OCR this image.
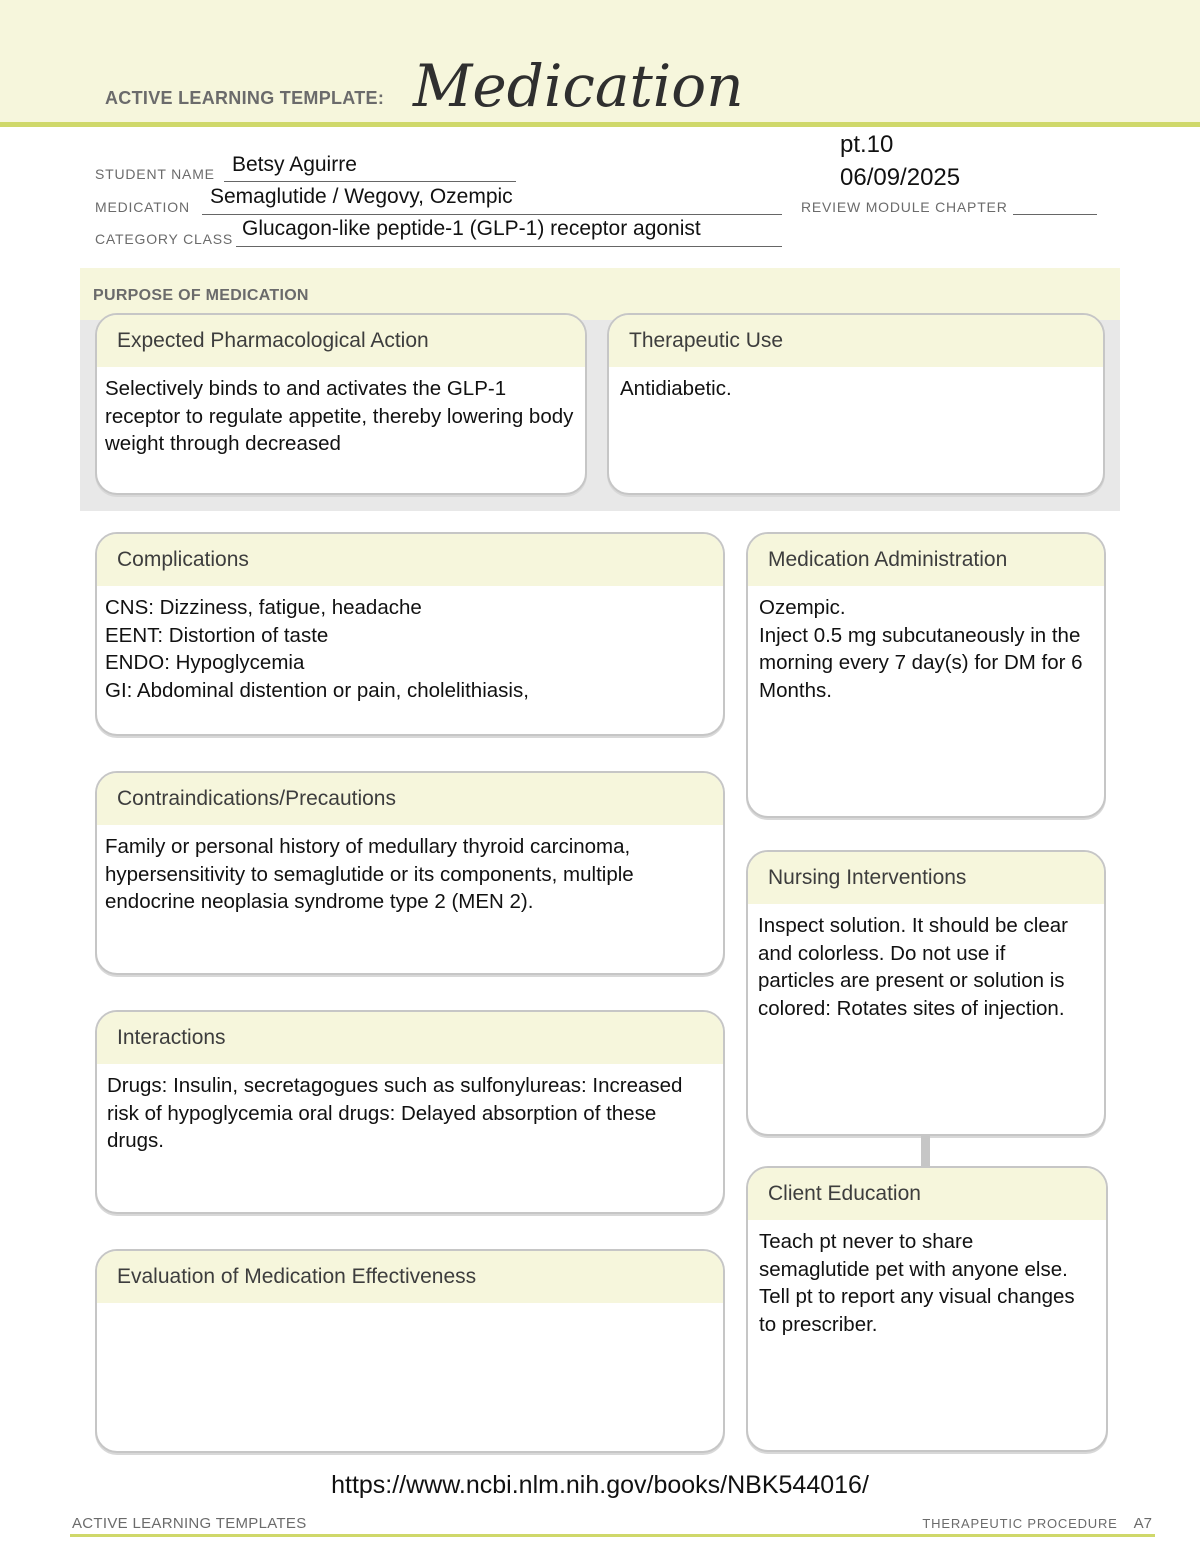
ACTIVE LEARNING TEMPLATE: Medication
STUDENT NAME Betsy Aguirre
MEDICATION Semaglutide / Wegovy, Ozempic
CATEGORY CLASS Glucagon-like peptide-1 (GLP-1) receptor agonist
REVIEW MODULE CHAPTER
pt.10
06/09/2025
PURPOSE OF MEDICATION
Expected Pharmacological Action
Selectively binds to and activates the GLP-1 receptor to regulate appetite, thereby lowering body weight through decreased
Therapeutic Use
Antidiabetic.
Complications

CNS: Dizziness, fatigue, headache

EENT: Distortion of taste

ENDO: Hypoglycemia

GI: Abdominal distention or pain, cholelithiasis,

Medication Administration

Ozempic.

Inject 0.5 mg subcutaneously in the morning every 7 day(s) for DM for 6 Months.

Contraindications/Precautions
Family or personal history of medullary thyroid carcinoma, hypersensitivity to semaglutide or its components, multiple endocrine neoplasia syndrome type 2 (MEN 2).
Nursing Interventions
Inspect solution. It should be clear and colorless. Do not use if particles are present or solution is colored: Rotates sites of injection.
Interactions
Drugs: Insulin, secretagogues such as sulfonylureas: Increased risk of hypoglycemia oral drugs: Delayed absorption of these drugs.
Client Education

Teach pt never to share semaglutide pet with anyone else.

Tell pt to report any visual changes to prescriber.

Evaluation of Medication Effectiveness
https://www.ncbi.nlm.nih.gov/books/NBK544016/
ACTIVE LEARNING TEMPLATES	THERAPEUTIC PROCEDURE A7
